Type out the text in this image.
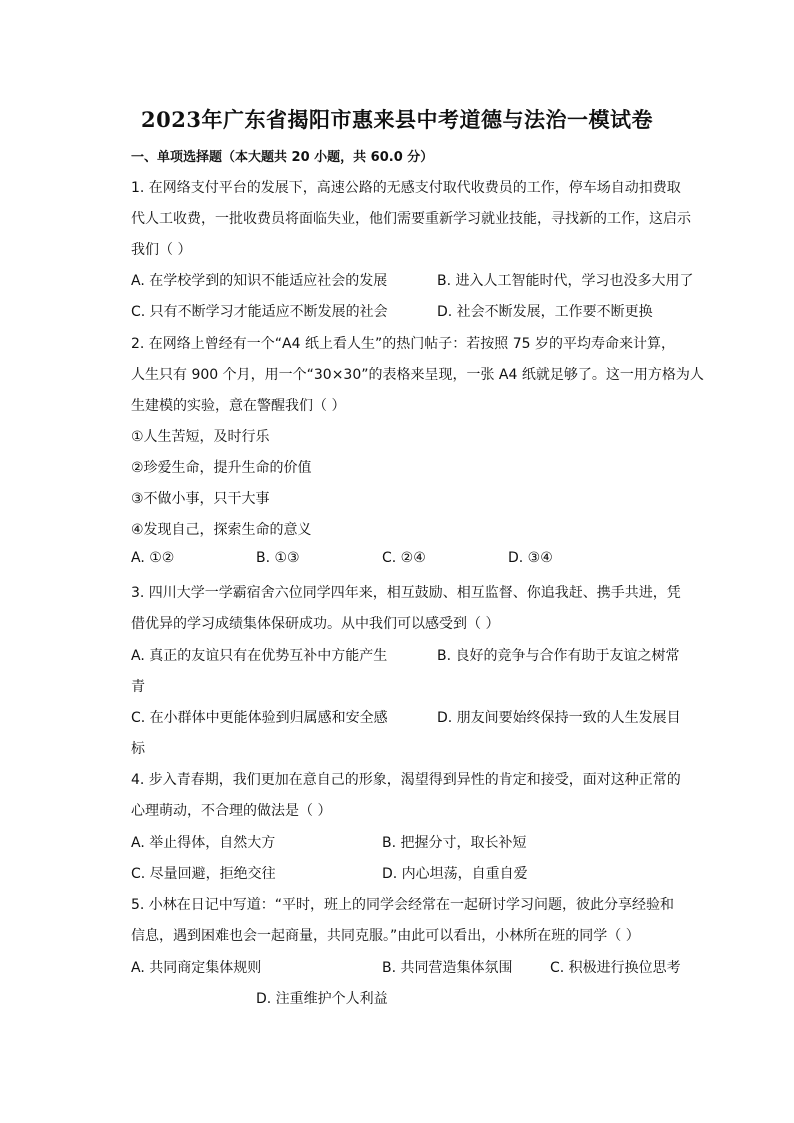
2023年广东省揭阳市惠来县中考道德与法治一模试卷
一、单项选择题（本大题共 20 小题，共 60.0 分）
1. 在网络支付平台的发展下，高速公路的无感支付取代收费员的工作，停车场自动扣费取
代人工收费，一批收费员将面临失业，他们需要重新学习就业技能，寻找新的工作，这启示
我们（ ）
A. 在学校学到的知识不能适应社会的发展	B. 进入人工智能时代，学习也没多大用了
C. 只有不断学习才能适应不断发展的社会	D. 社会不断发展，工作要不断更换
2. 在网络上曾经有一个“A4 纸上看人生”的热门帖子：若按照 75 岁的平均寿命来计算，
人生只有 900 个月，用一个“30×30”的表格来呈现，一张 A4 纸就足够了。这一用方格为人
生建模的实验，意在警醒我们（ ）
①人生苦短，及时行乐
②珍爱生命，提升生命的价值
③不做小事，只干大事
④发现自己，探索生命的意义
A. ①②	B. ①③	C. ②④	D. ③④
3. 四川大学一学霸宿舍六位同学四年来，相互鼓励、相互监督、你追我赶、携手共进，凭
借优异的学习成绩集体保研成功。从中我们可以感受到（ ）
A. 真正的友谊只有在优势互补中方能产生	B. 良好的竞争与合作有助于友谊之树常
青
C. 在小群体中更能体验到归属感和安全感	D. 朋友间要始终保持一致的人生发展目
标
4. 步入青春期，我们更加在意自己的形象，渴望得到异性的肯定和接受，面对这种正常的
心理萌动，不合理的做法是（ ）
A. 举止得体，自然大方	B. 把握分寸，取长补短
C. 尽量回避，拒绝交往	D. 内心坦荡，自重自爱
5. 小林在日记中写道：“平时，班上的同学会经常在一起研讨学习问题，彼此分享经验和
信息，遇到困难也会一起商量，共同克服。”由此可以看出，小林所在班的同学（ ）
A. 共同商定集体规则	B. 共同营造集体氛围	C. 积极进行换位思考
D. 注重维护个人利益
